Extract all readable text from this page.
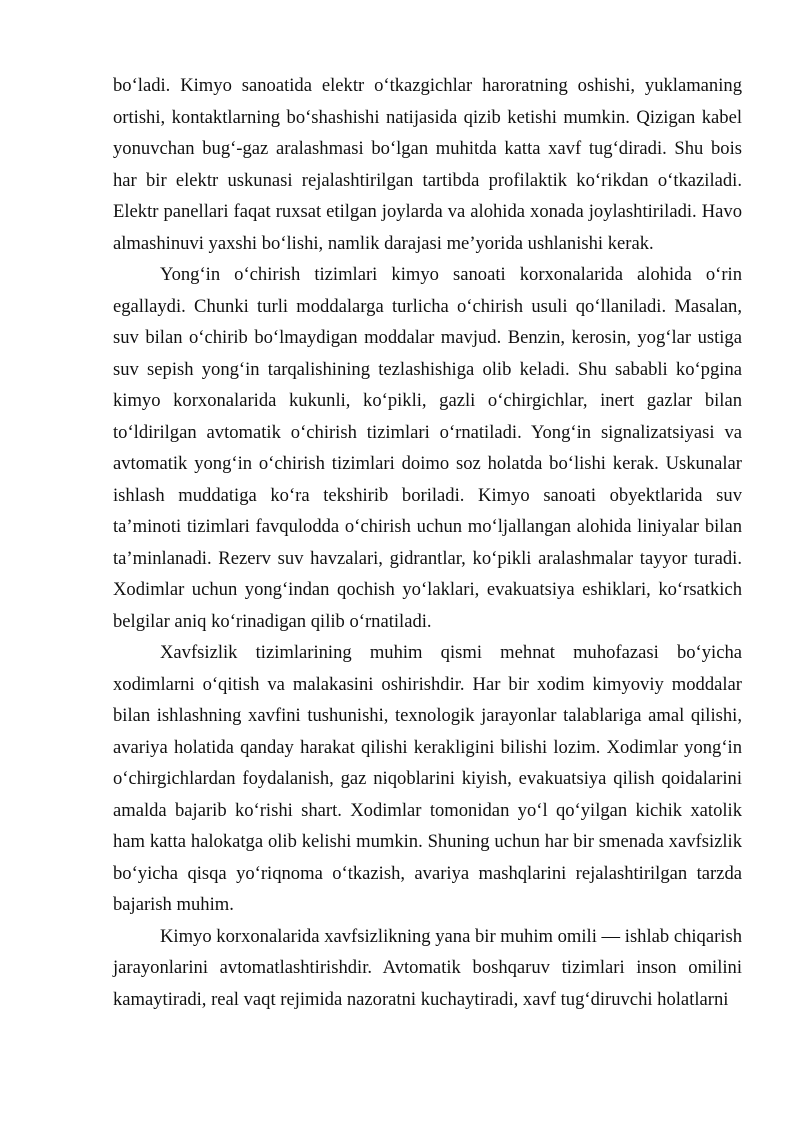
bo‘ladi. Kimyo sanoatida elektr o‘tkazgichlar haroratning oshishi, yuklamaning ortishi, kontaktlarning bo‘shashishi natijasida qizib ketishi mumkin. Qizigan kabel yonuvchan bug‘-gaz aralashmasi bo‘lgan muhitda katta xavf tug‘diradi. Shu bois har bir elektr uskunasi rejalashtirilgan tartibda profilaktik ko‘rikdan o‘tkaziladi. Elektr panellari faqat ruxsat etilgan joylarda va alohida xonada joylashtiriladi. Havo almashinuvi yaxshi bo‘lishi, namlik darajasi me’yorida ushlanishi kerak.

Yong‘in o‘chirish tizimlari kimyo sanoati korxonalarida alohida o‘rin egallaydi. Chunki turli moddalarga turlicha o‘chirish usuli qo‘llaniladi. Masalan, suv bilan o‘chirib bo‘lmaydigan moddalar mavjud. Benzin, kerosin, yog‘lar ustiga suv sepish yong‘in tarqalishining tezlashishiga olib keladi. Shu sababli ko‘pgina kimyo korxonalarida kukunli, ko‘pikli, gazli o‘chirgichlar, inert gazlar bilan to‘ldirilgan avtomatik o‘chirish tizimlari o‘rnatiladi. Yong‘in signalizatsiyasi va avtomatik yong‘in o‘chirish tizimlari doimo soz holatda bo‘lishi kerak. Uskunalar ishlash muddatiga ko‘ra tekshirib boriladi. Kimyo sanoati obyektlarida suv ta’minoti tizimlari favqulodda o‘chirish uchun mo‘ljallangan alohida liniyalar bilan ta’minlanadi. Rezerv suv havzalari, gidrantlar, ko‘pikli aralashmalar tayyor turadi. Xodimlar uchun yong‘indan qochish yo‘laklari, evakuatsiya eshiklari, ko‘rsatkich belgilar aniq ko‘rinadigan qilib o‘rnatiladi.

Xavfsizlik tizimlarining muhim qismi mehnat muhofazasi bo‘yicha xodimlarni o‘qitish va malakasini oshirishdir. Har bir xodim kimyoviy moddalar bilan ishlashning xavfini tushunishi, texnologik jarayonlar talablariga amal qilishi, avariya holatida qanday harakat qilishi kerakligini bilishi lozim. Xodimlar yong‘in o‘chirgichlardan foydalanish, gaz niqoblarini kiyish, evakuatsiya qilish qoidalarini amalda bajarib ko‘rishi shart. Xodimlar tomonidan yo‘l qo‘yilgan kichik xatolik ham katta halokatga olib kelishi mumkin. Shuning uchun har bir smenada xavfsizlik bo‘yicha qisqa yo‘riqnoma o‘tkazish, avariya mashqlarini rejalashtirilgan tarzda bajarish muhim.

Kimyo korxonalarida xavfsizlikning yana bir muhim omili — ishlab chiqarish jarayonlarini avtomatlashtirishdir. Avtomatik boshqaruv tizimlari inson omilini kamaytiradi, real vaqt rejimida nazoratni kuchaytiradi, xavf tug‘diruvchi holatlarni
